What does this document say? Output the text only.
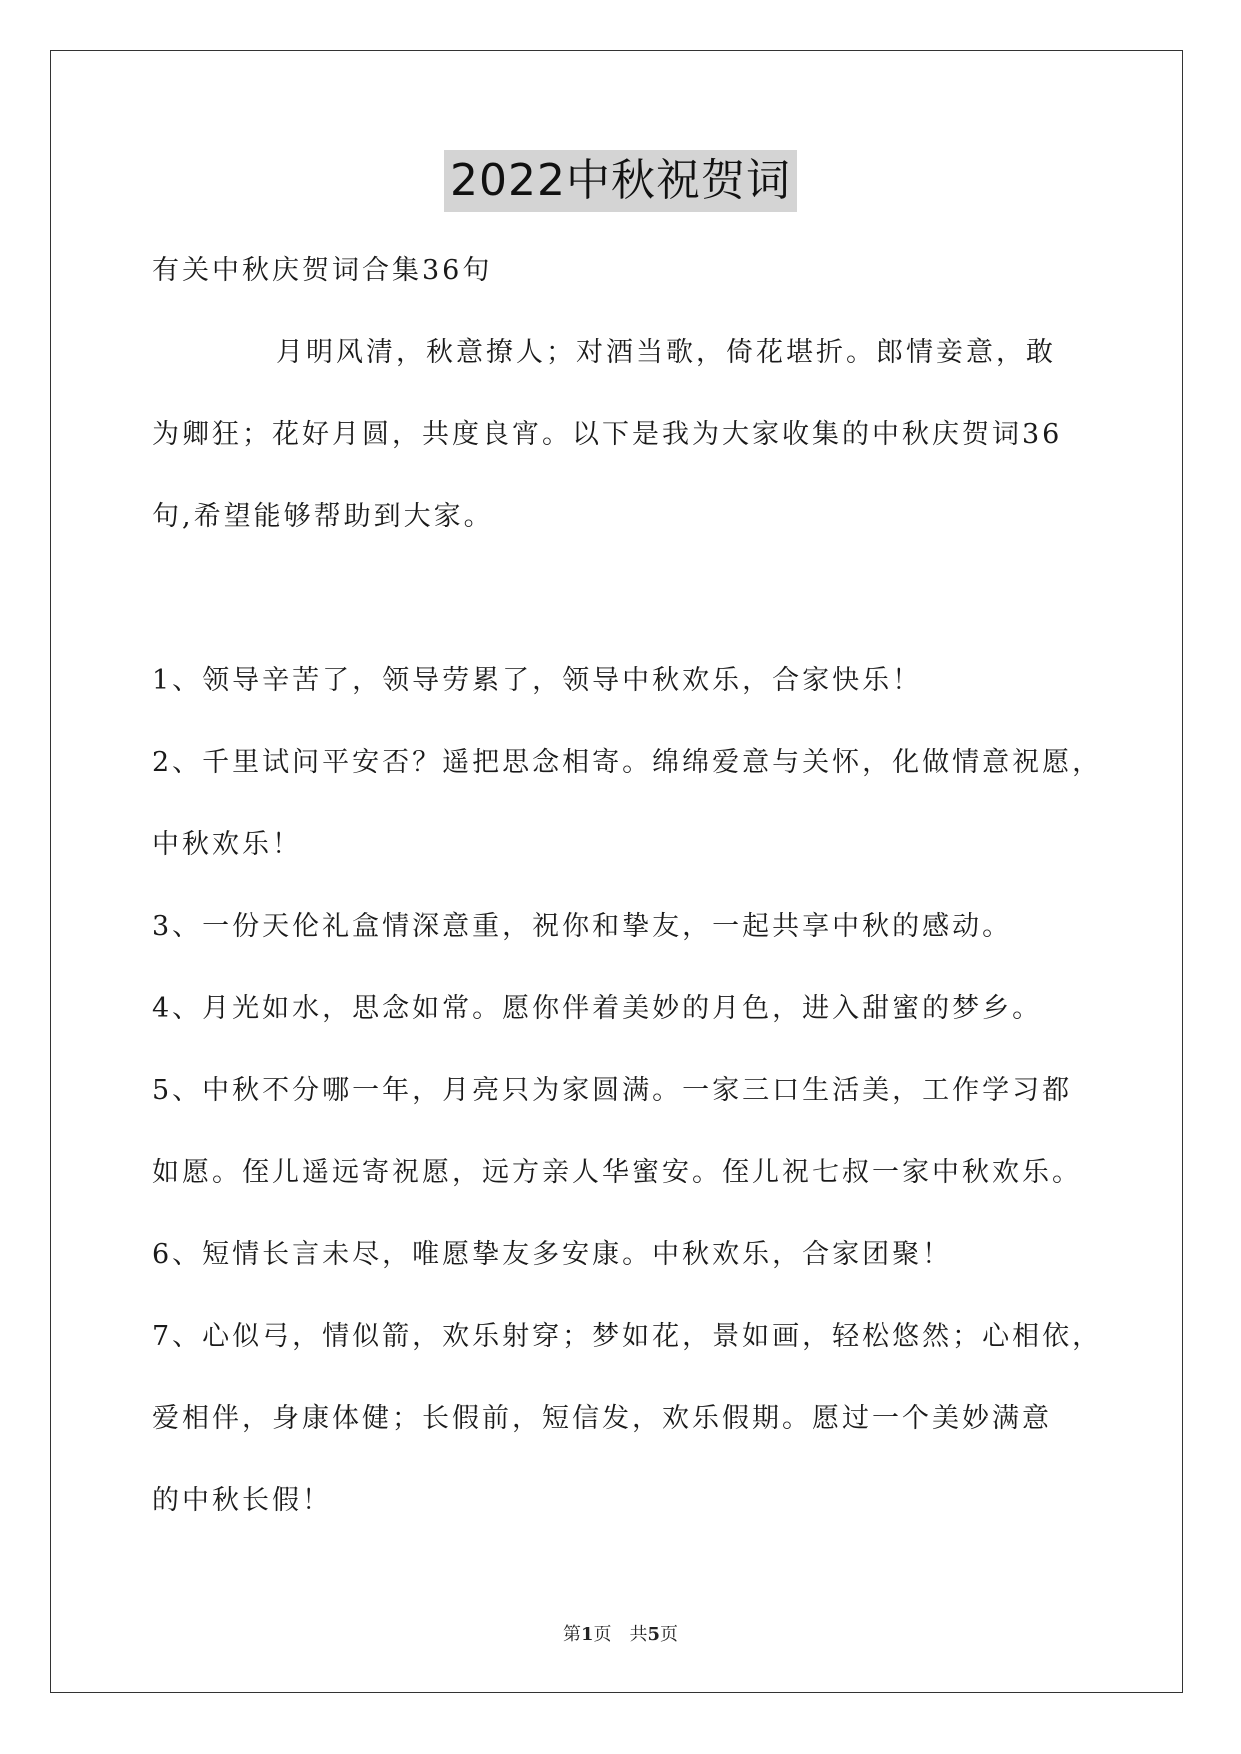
2022中秋祝贺词
有关中秋庆贺词合集36句
月明风清，秋意撩人；对酒当歌，倚花堪折。郎情妾意，敢
为卿狂；花好月圆，共度良宵。以下是我为大家收集的中秋庆贺词36
句,希望能够帮助到大家。
1、领导辛苦了，领导劳累了，领导中秋欢乐，合家快乐！
2、千里试问平安否？遥把思念相寄。绵绵爱意与关怀，化做情意祝愿，
中秋欢乐！
3、一份天伦礼盒情深意重，祝你和挚友，一起共享中秋的感动。
4、月光如水，思念如常。愿你伴着美妙的月色，进入甜蜜的梦乡。
5、中秋不分哪一年，月亮只为家圆满。一家三口生活美，工作学习都
如愿。侄儿遥远寄祝愿，远方亲人华蜜安。侄儿祝七叔一家中秋欢乐。
6、短情长言未尽，唯愿挚友多安康。中秋欢乐，合家团聚！
7、心似弓，情似箭，欢乐射穿；梦如花，景如画，轻松悠然；心相依，
爱相伴，身康体健；长假前，短信发，欢乐假期。愿过一个美妙满意
的中秋长假！
第1页　共5页
